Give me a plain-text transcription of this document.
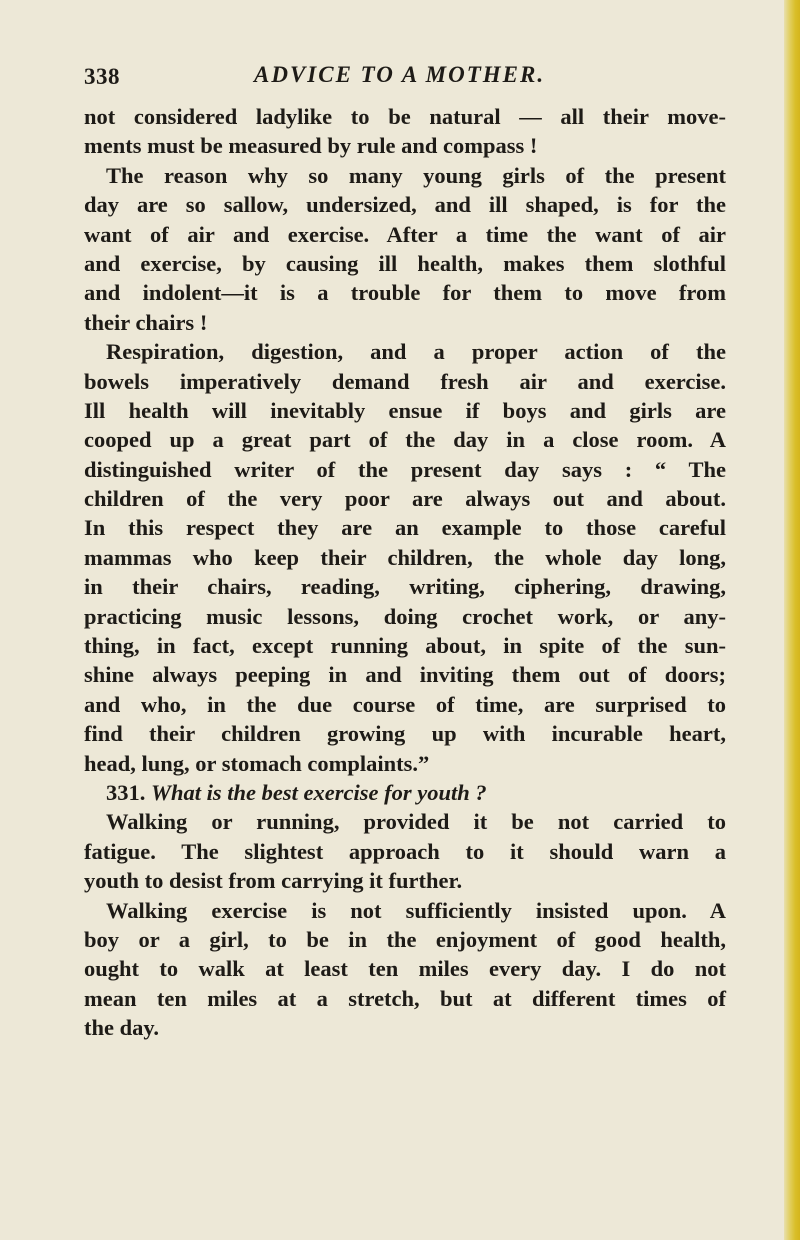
338	ADVICE TO A MOTHER.
not considered ladylike to be natural — all their move-
ments must be measured by rule and compass !
The reason why so many young girls of the present
day are so sallow, undersized, and ill shaped, is for the
want of air and exercise. After a time the want of air
and exercise, by causing ill health, makes them slothful
and indolent—it is a trouble for them to move from
their chairs !
Respiration, digestion, and a proper action of the
bowels imperatively demand fresh air and exercise.
Ill health will inevitably ensue if boys and girls are
cooped up a great part of the day in a close room. A
distinguished writer of the present day says : “ The
children of the very poor are always out and about.
In this respect they are an example to those careful
mammas who keep their children, the whole day long,
in their chairs, reading, writing, ciphering, drawing,
practicing music lessons, doing crochet work, or any-
thing, in fact, except running about, in spite of the sun-
shine always peeping in and inviting them out of doors;
and who, in the due course of time, are surprised to
find their children growing up with incurable heart,
head, lung, or stomach complaints.”
331. What is the best exercise for youth ?
Walking or running, provided it be not carried to
fatigue. The slightest approach to it should warn a
youth to desist from carrying it further.
Walking exercise is not sufficiently insisted upon. A
boy or a girl, to be in the enjoyment of good health,
ought to walk at least ten miles every day. I do not
mean ten miles at a stretch, but at different times of
the day.
